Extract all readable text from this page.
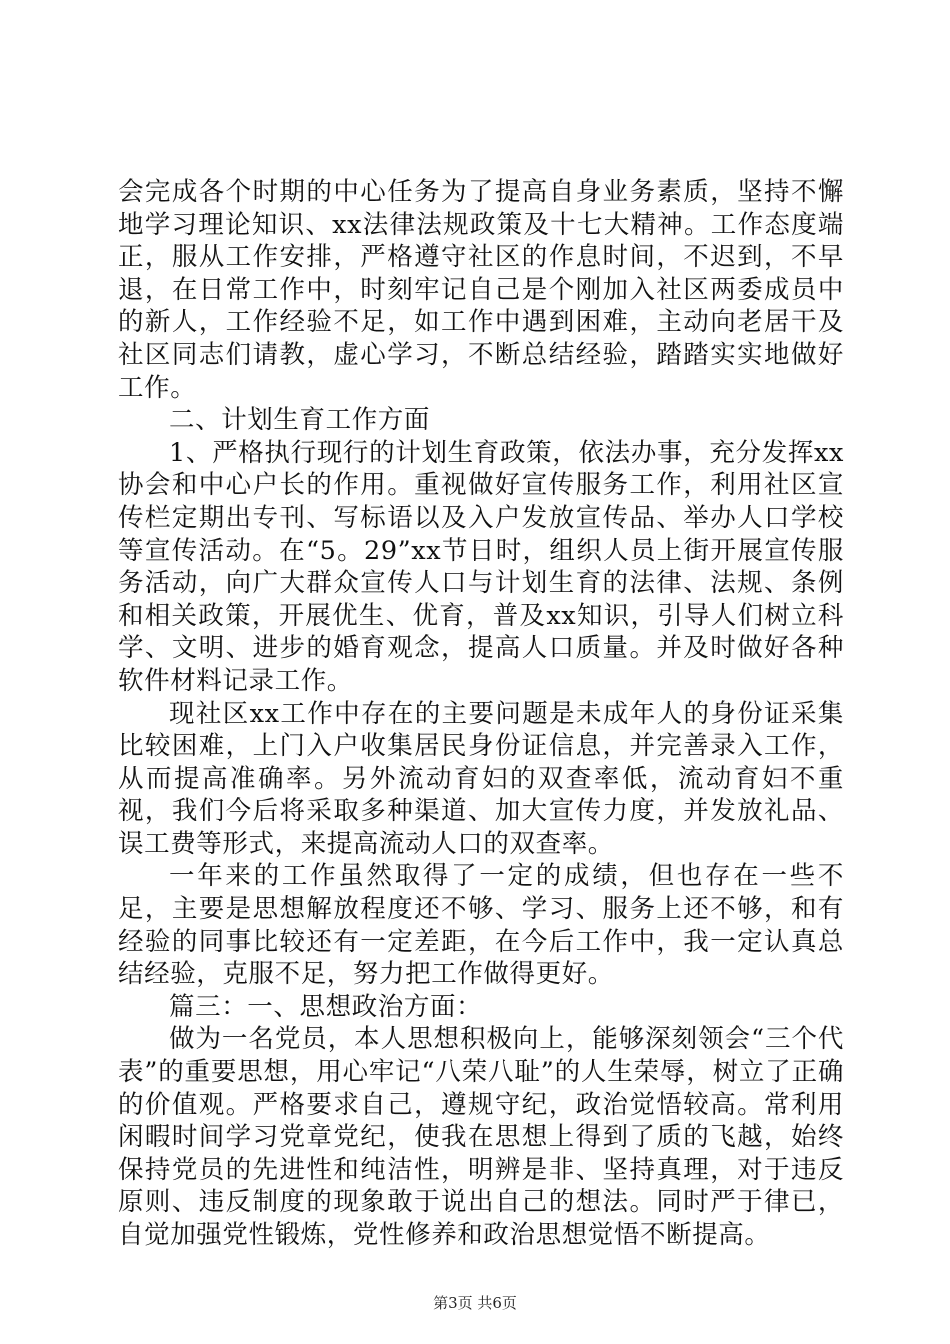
会完成各个时期的中心任务为了提高自身业务素质，坚持不懈地学习理论知识、xx法律法规政策及十七大精神。工作态度端正，服从工作安排，严格遵守社区的作息时间，不迟到，不早退，在日常工作中，时刻牢记自己是个刚加入社区两委成员中的新人，工作经验不足，如工作中遇到困难，主动向老居干及社区同志们请教，虚心学习，不断总结经验，踏踏实实地做好工作。

二、计划生育工作方面

1、严格执行现行的计划生育政策，依法办事，充分发挥xx协会和中心户长的作用。重视做好宣传服务工作，利用社区宣传栏定期出专刊、写标语以及入户发放宣传品、举办人口学校等宣传活动。在“5。29”xx节日时，组织人员上街开展宣传服务活动，向广大群众宣传人口与计划生育的法律、法规、条例和相关政策，开展优生、优育，普及xx知识，引导人们树立科学、文明、进步的婚育观念，提高人口质量。并及时做好各种软件材料记录工作。

现社区xx工作中存在的主要问题是未成年人的身份证采集比较困难，上门入户收集居民身份证信息，并完善录入工作，从而提高准确率。另外流动育妇的双查率低，流动育妇不重视，我们今后将采取多种渠道、加大宣传力度，并发放礼品、误工费等形式，来提高流动人口的双查率。

一年来的工作虽然取得了一定的成绩，但也存在一些不足，主要是思想解放程度还不够、学习、服务上还不够，和有经验的同事比较还有一定差距，在今后工作中，我一定认真总结经验，克服不足，努力把工作做得更好。

篇三：一、思想政治方面：

做为一名党员，本人思想积极向上，能够深刻领会“三个代表”的重要思想，用心牢记“八荣八耻”的人生荣辱，树立了正确的价值观。严格要求自己，遵规守纪，政治觉悟较高。常利用闲暇时间学习党章党纪，使我在思想上得到了质的飞越，始终保持党员的先进性和纯洁性，明辨是非、坚持真理，对于违反原则、违反制度的现象敢于说出自己的想法。同时严于律已，自觉加强党性锻炼，党性修养和政治思想觉悟不断提高。

第3页 共6页
